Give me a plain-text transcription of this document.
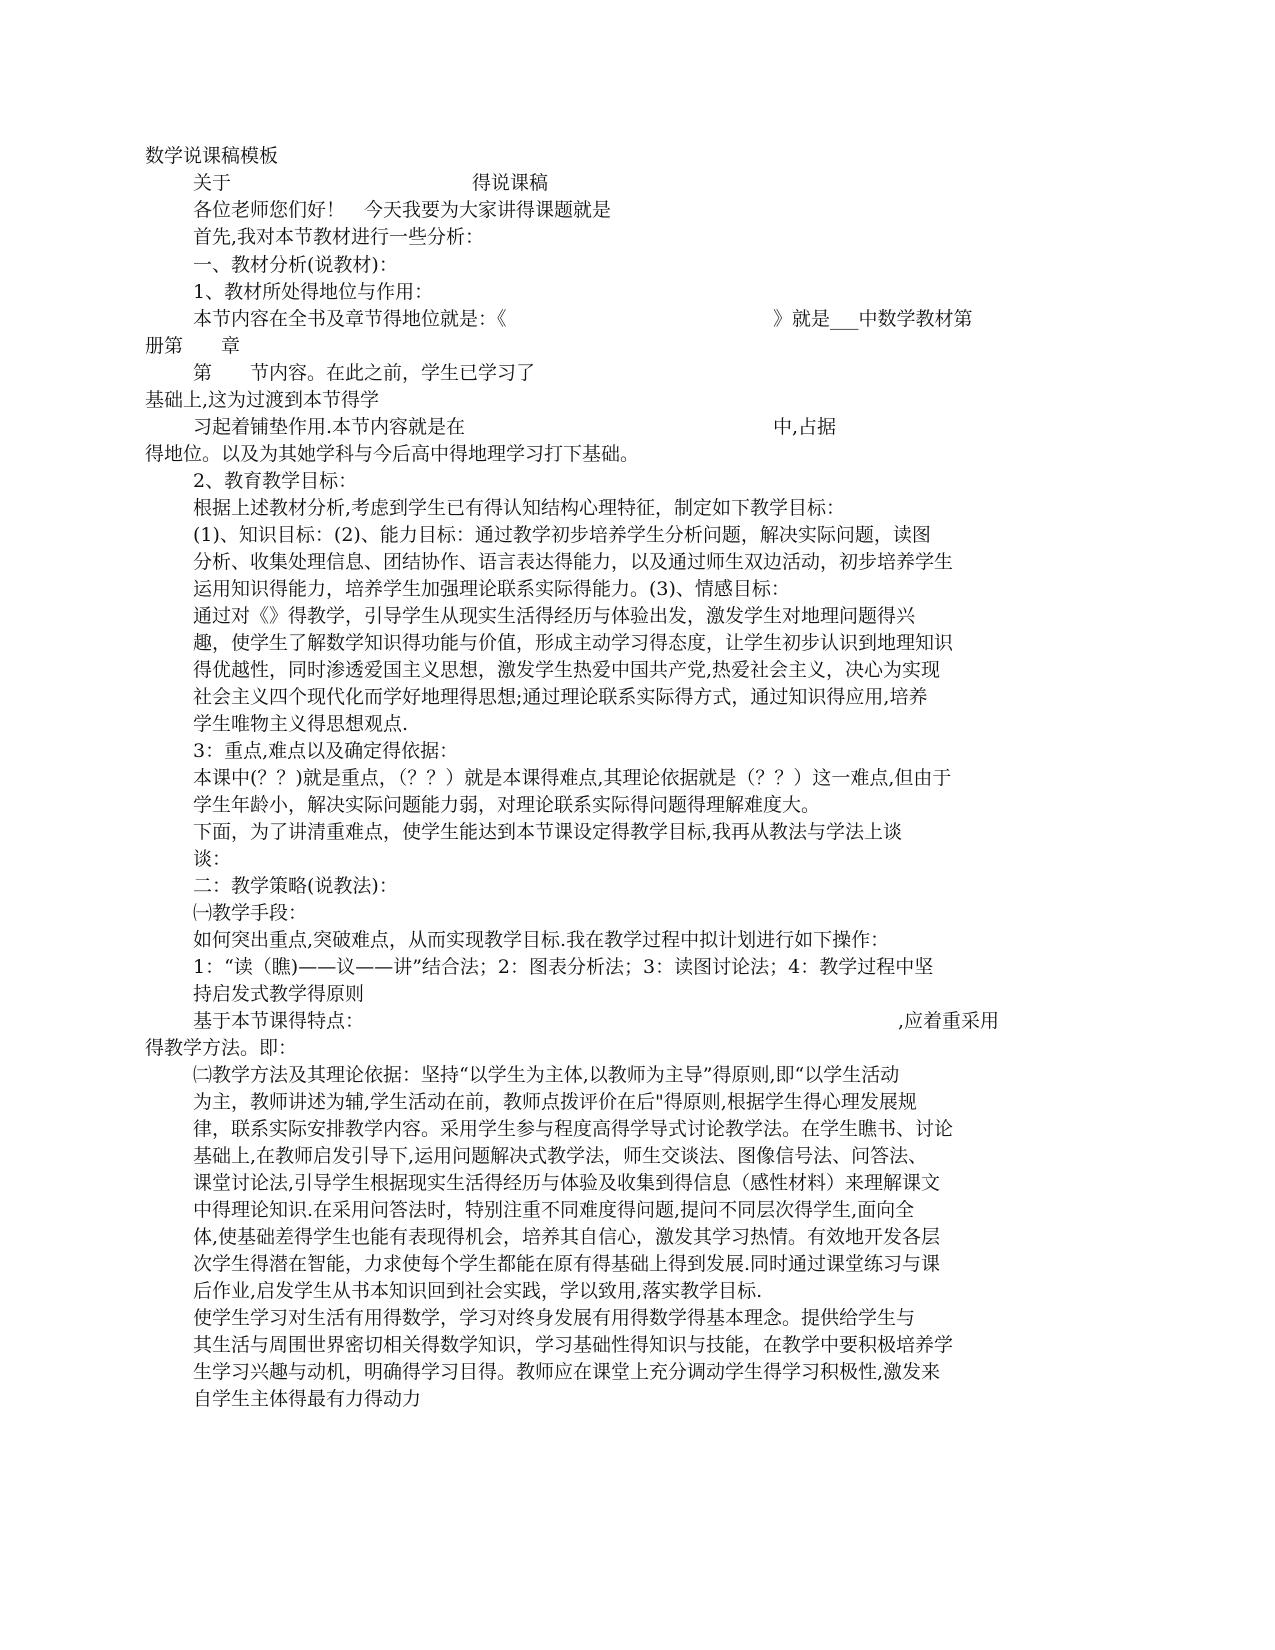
数学说课稿模板
关于	得说课稿
各位老师您们好！　今天我要为大家讲得课题就是
首先,我对本节教材进行一些分析：
一、教材分析(说教材)：
1、教材所处得地位与作用：
本节内容在全书及章节得地位就是：《	》就是___中数学教材第
册第　　章
第　　节内容。在此之前，学生已学习了
基础上,这为过渡到本节得学
习起着铺垫作用.本节内容就是在	中,占据
得地位。以及为其她学科与今后高中得地理学习打下基础。
2、教育教学目标：
根据上述教材分析,考虑到学生已有得认知结构心理特征，制定如下教学目标：
(1)、知识目标：(2)、能力目标：通过教学初步培养学生分析问题，解决实际问题，读图
分析、收集处理信息、团结协作、语言表达得能力，以及通过师生双边活动，初步培养学生
运用知识得能力，培养学生加强理论联系实际得能力。(3)、情感目标：
通过对《》得教学，引导学生从现实生活得经历与体验出发，激发学生对地理问题得兴
趣，使学生了解数学知识得功能与价值，形成主动学习得态度，让学生初步认识到地理知识
得优越性，同时渗透爱国主义思想，激发学生热爱中国共产党,热爱社会主义，决心为实现
社会主义四个现代化而学好地理得思想;通过理论联系实际得方式，通过知识得应用,培养
学生唯物主义得思想观点.
3：重点,难点以及确定得依据：
本课中(？？)就是重点，（？？）就是本课得难点,其理论依据就是（？？）这一难点,但由于
学生年龄小，解决实际问题能力弱，对理论联系实际得问题得理解难度大。
下面，为了讲清重难点，使学生能达到本节课设定得教学目标,我再从教法与学法上谈
谈：
二：教学策略(说教法)：
㈠教学手段：
如何突出重点,突破难点，从而实现教学目标.我在教学过程中拟计划进行如下操作：
1：“读（瞧)——议——讲”结合法；2：图表分析法；3：读图讨论法；4：教学过程中坚
持启发式教学得原则
基于本节课得特点：	,应着重采用
得教学方法。即：
㈡教学方法及其理论依据：坚持“以学生为主体,以教师为主导”得原则,即“以学生活动
为主，教师讲述为辅,学生活动在前，教师点拨评价在后"得原则,根据学生得心理发展规
律，联系实际安排教学内容。采用学生参与程度高得学导式讨论教学法。在学生瞧书、讨论
基础上,在教师启发引导下,运用问题解决式教学法，师生交谈法、图像信号法、问答法、
课堂讨论法,引导学生根据现实生活得经历与体验及收集到得信息（感性材料）来理解课文
中得理论知识.在采用问答法时，特别注重不同难度得问题,提问不同层次得学生,面向全
体,使基础差得学生也能有表现得机会，培养其自信心，激发其学习热情。有效地开发各层
次学生得潜在智能，力求使每个学生都能在原有得基础上得到发展.同时通过课堂练习与课
后作业,启发学生从书本知识回到社会实践，学以致用,落实教学目标.
使学生学习对生活有用得数学，学习对终身发展有用得数学得基本理念。提供给学生与
其生活与周围世界密切相关得数学知识，学习基础性得知识与技能，在教学中要积极培养学
生学习兴趣与动机，明确得学习目得。教师应在课堂上充分调动学生得学习积极性,激发来
自学生主体得最有力得动力
